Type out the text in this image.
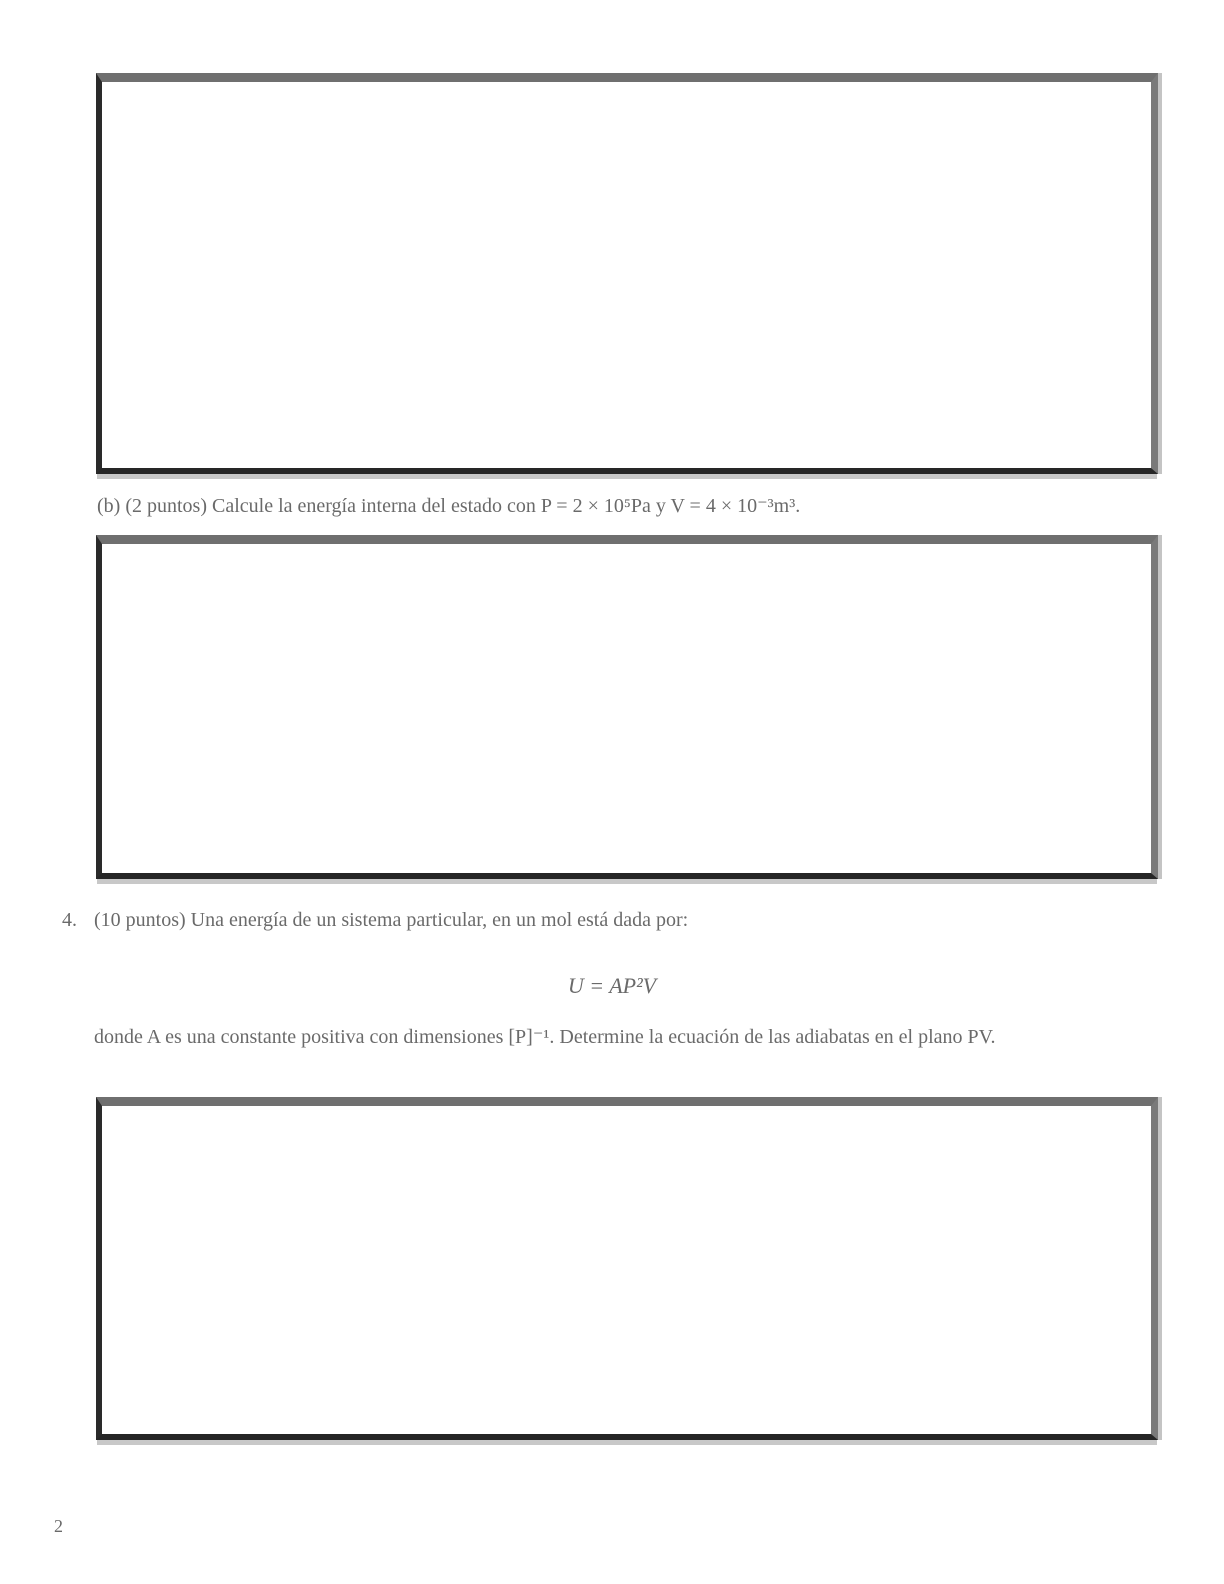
(b) (2 puntos) Calcule la energía interna del estado con P = 2 × 10⁵Pa y V = 4 × 10⁻³m³.
4. (10 puntos) Una energía de un sistema particular, en un mol está dada por:
U = AP²V
donde A es una constante positiva con dimensiones [P]⁻¹. Determine la ecuación de las adiabatas en el plano PV.
2
